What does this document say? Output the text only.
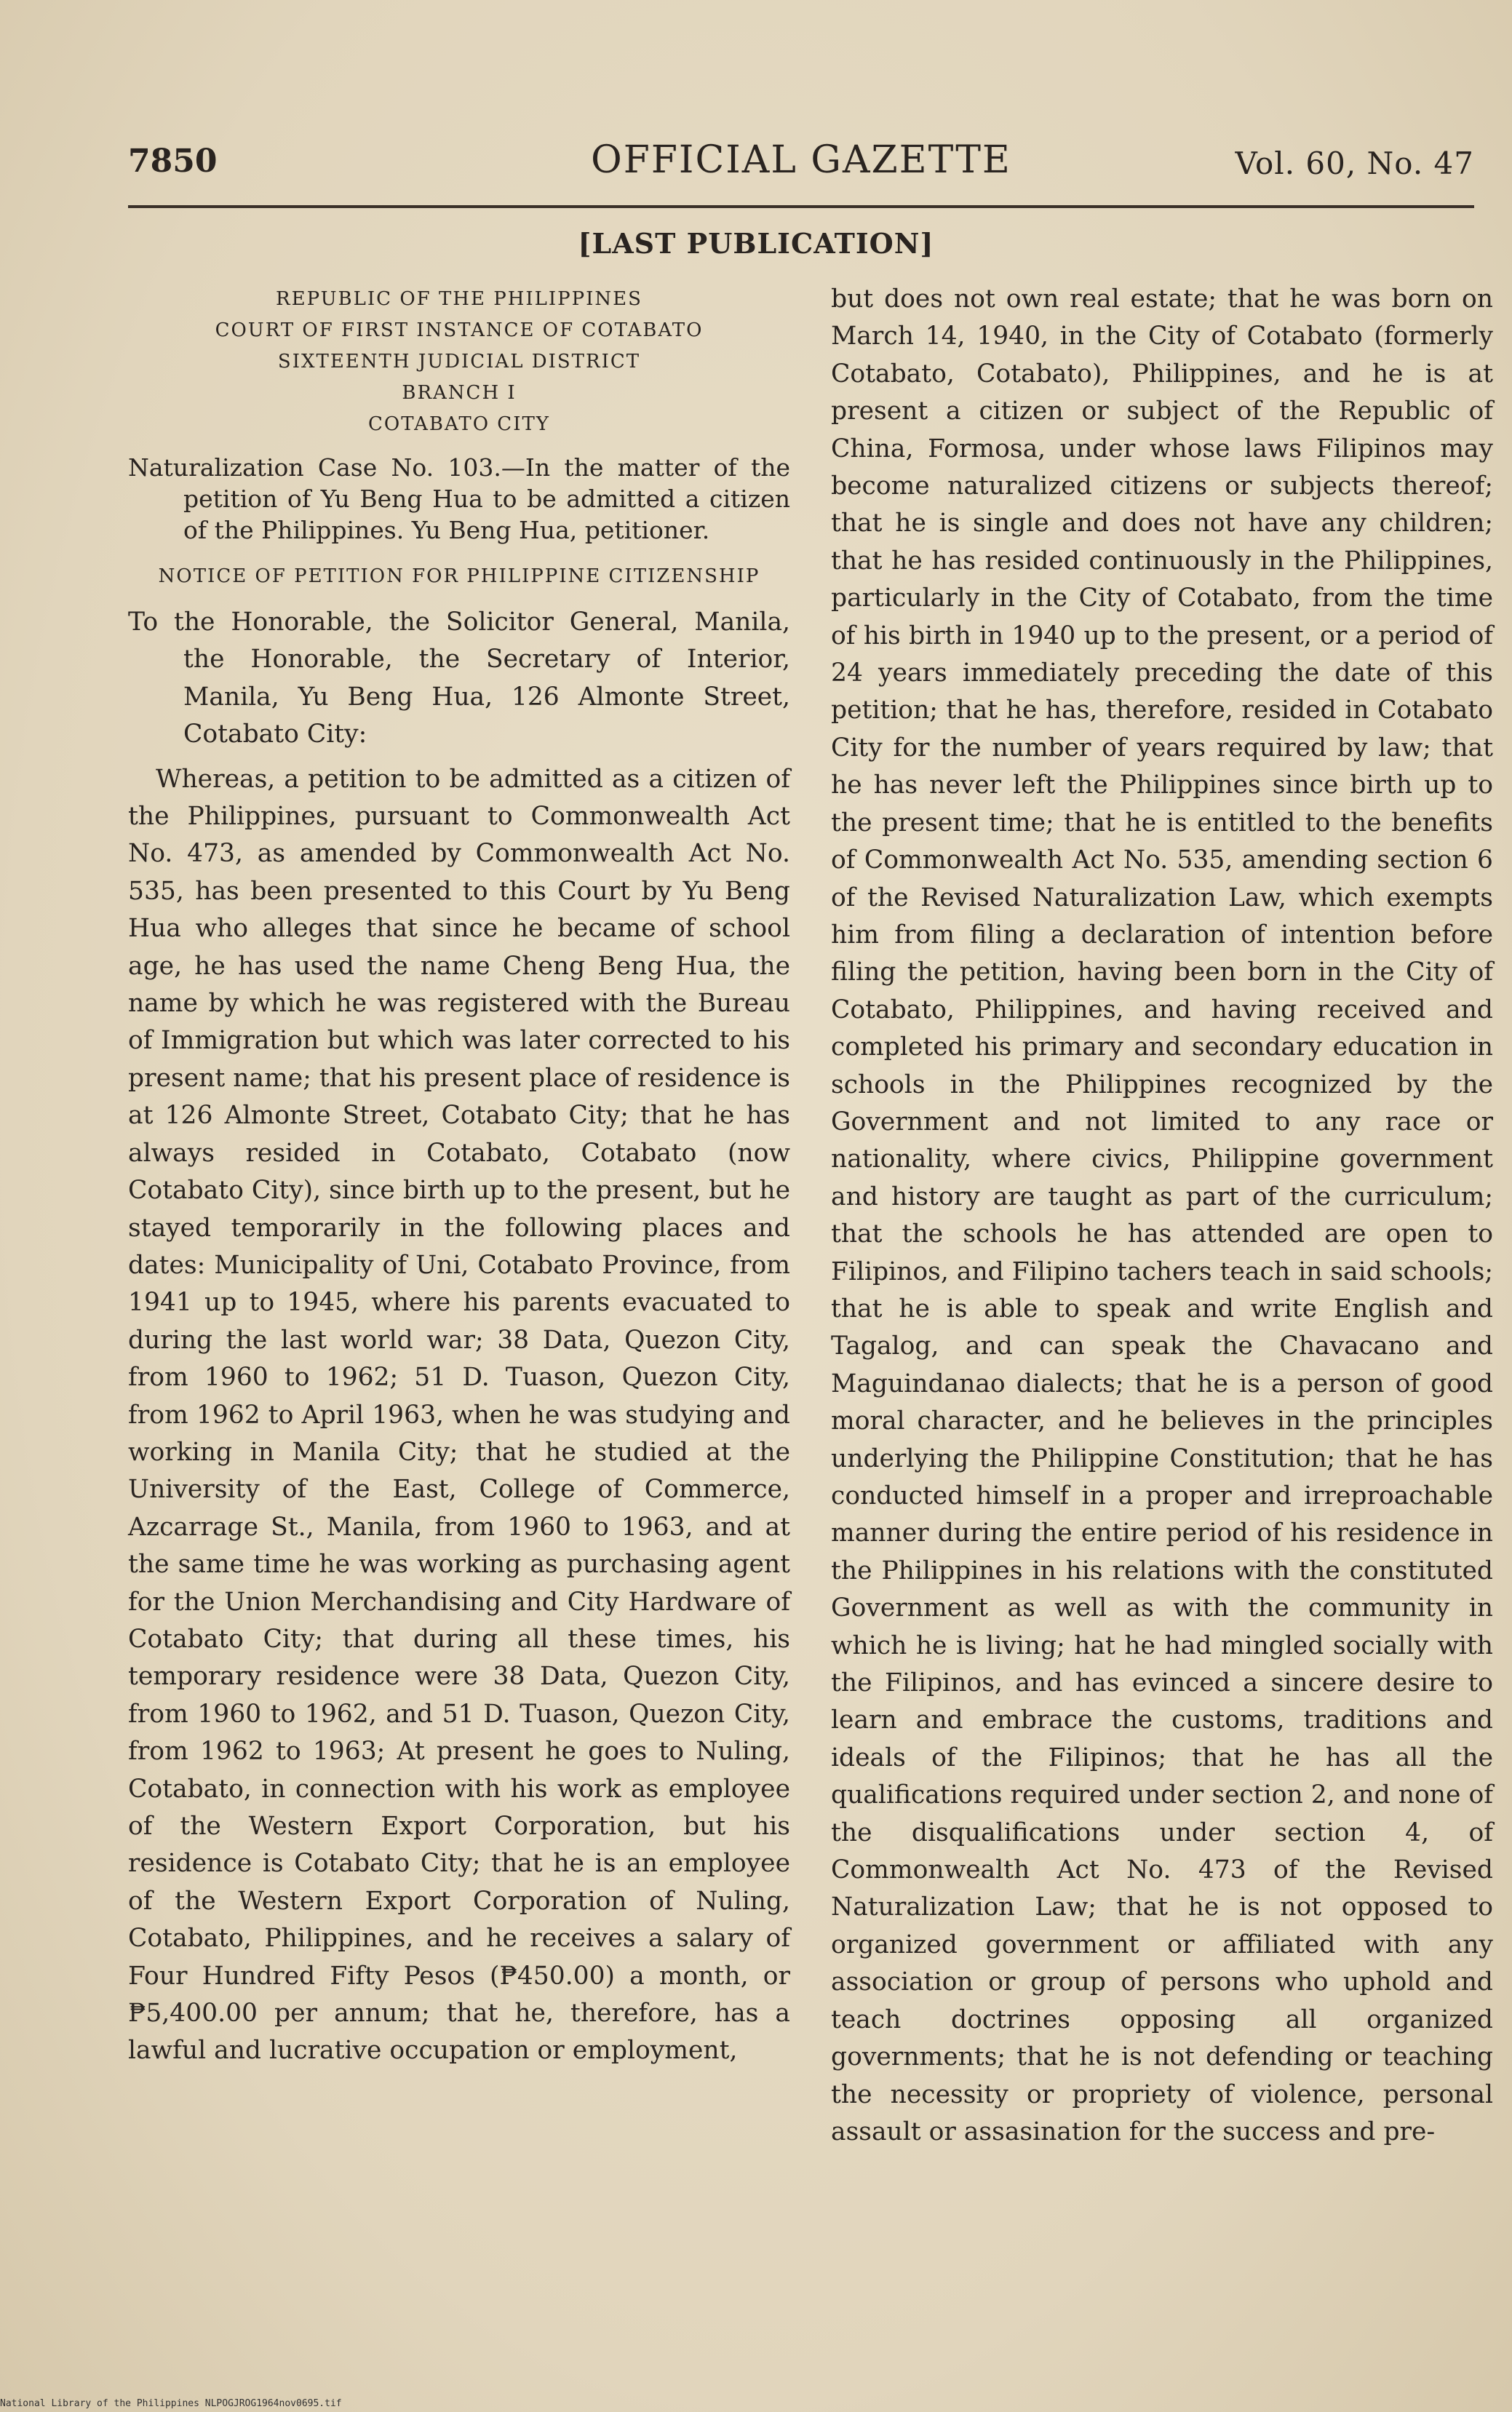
7850	OFFICIAL GAZETTE	Vol. 60, No. 47
[LAST PUBLICATION]
REPUBLIC OF THE PHILIPPINES
COURT OF FIRST INSTANCE OF COTABATO
SIXTEENTH JUDICIAL DISTRICT
BRANCH I
COTABATO CITY

Naturalization Case No. 103.—In the matter of the petition of Yu Beng Hua to be admitted a citizen of the Philippines. Yu Beng Hua, petitioner.

NOTICE OF PETITION FOR PHILIPPINE CITIZENSHIP

To the Honorable, the Solicitor General, Manila, the Honorable, the Secretary of Interior, Manila, Yu Beng Hua, 126 Almonte Street, Cotabato City:

Whereas, a petition to be admitted as a citizen of the Philippines, pursuant to Commonwealth Act No. 473, as amended by Commonwealth Act No. 535, has been presented to this Court by Yu Beng Hua who alleges that since he became of school age, he has used the name Cheng Beng Hua, the name by which he was registered with the Bureau of Immigration but which was later corrected to his present name; that his present place of residence is at 126 Almonte Street, Cotabato City; that he has always resided in Cotabato, Cotabato (now Cotabato City), since birth up to the present, but he stayed temporarily in the following places and dates: Municipality of Uni, Cotabato Province, from 1941 up to 1945, where his parents evacuated to during the last world war; 38 Data, Quezon City, from 1960 to 1962; 51 D. Tuason, Quezon City, from 1962 to April 1963, when he was studying and working in Manila City; that he studied at the University of the East, College of Commerce, Azcarrage St., Manila, from 1960 to 1963, and at the same time he was working as purchasing agent for the Union Merchandising and City Hardware of Cotabato City; that during all these times, his temporary residence were 38 Data, Quezon City, from 1960 to 1962, and 51 D. Tuason, Quezon City, from 1962 to 1963; At present he goes to Nuling, Cotabato, in connection with his work as employee of the Western Export Corporation, but his residence is Cotabato City; that he is an employee of the Western Export Corporation of Nuling, Cotabato, Philippines, and he receives a salary of Four Hundred Fifty Pesos (₱450.00) a month, or ₱5,400.00 per annum; that he, therefore, has a lawful and lucrative occupation or employment,

but does not own real estate; that he was born on March 14, 1940, in the City of Cotabato (formerly Cotabato, Cotabato), Philippines, and he is at present a citizen or subject of the Republic of China, Formosa, under whose laws Filipinos may become naturalized citizens or subjects thereof; that he is single and does not have any children; that he has resided continuously in the Philippines, particularly in the City of Cotabato, from the time of his birth in 1940 up to the present, or a period of 24 years immediately preceding the date of this petition; that he has, therefore, resided in Cotabato City for the number of years required by law; that he has never left the Philippines since birth up to the present time; that he is entitled to the benefits of Commonwealth Act No. 535, amending section 6 of the Revised Naturalization Law, which exempts him from filing a declaration of intention before filing the petition, having been born in the City of Cotabato, Philippines, and having received and completed his primary and secondary education in schools in the Philippines recognized by the Government and not limited to any race or nationality, where civics, Philippine government and history are taught as part of the curriculum; that the schools he has attended are open to Filipinos, and Filipino tachers teach in said schools; that he is able to speak and write English and Tagalog, and can speak the Chavacano and Maguindanao dialects; that he is a person of good moral character, and he believes in the principles underlying the Philippine Constitution; that he has conducted himself in a proper and irreproachable manner during the entire period of his residence in the Philippines in his relations with the constituted Government as well as with the community in which he is living; hat he had mingled socially with the Filipinos, and has evinced a sincere desire to learn and embrace the customs, traditions and ideals of the Filipinos; that he has all the qualifications required under section 2, and none of the disqualifications under section 4, of Commonwealth Act No. 473 of the Revised Naturalization Law; that he is not opposed to organized government or affiliated with any association or group of persons who uphold and teach doctrines opposing all organized governments; that he is not defending or teaching the necessity or propriety of violence, personal assault or assasination for the success and pre-

National Library of the Philippines NLPOGJROG1964nov0695.tif
